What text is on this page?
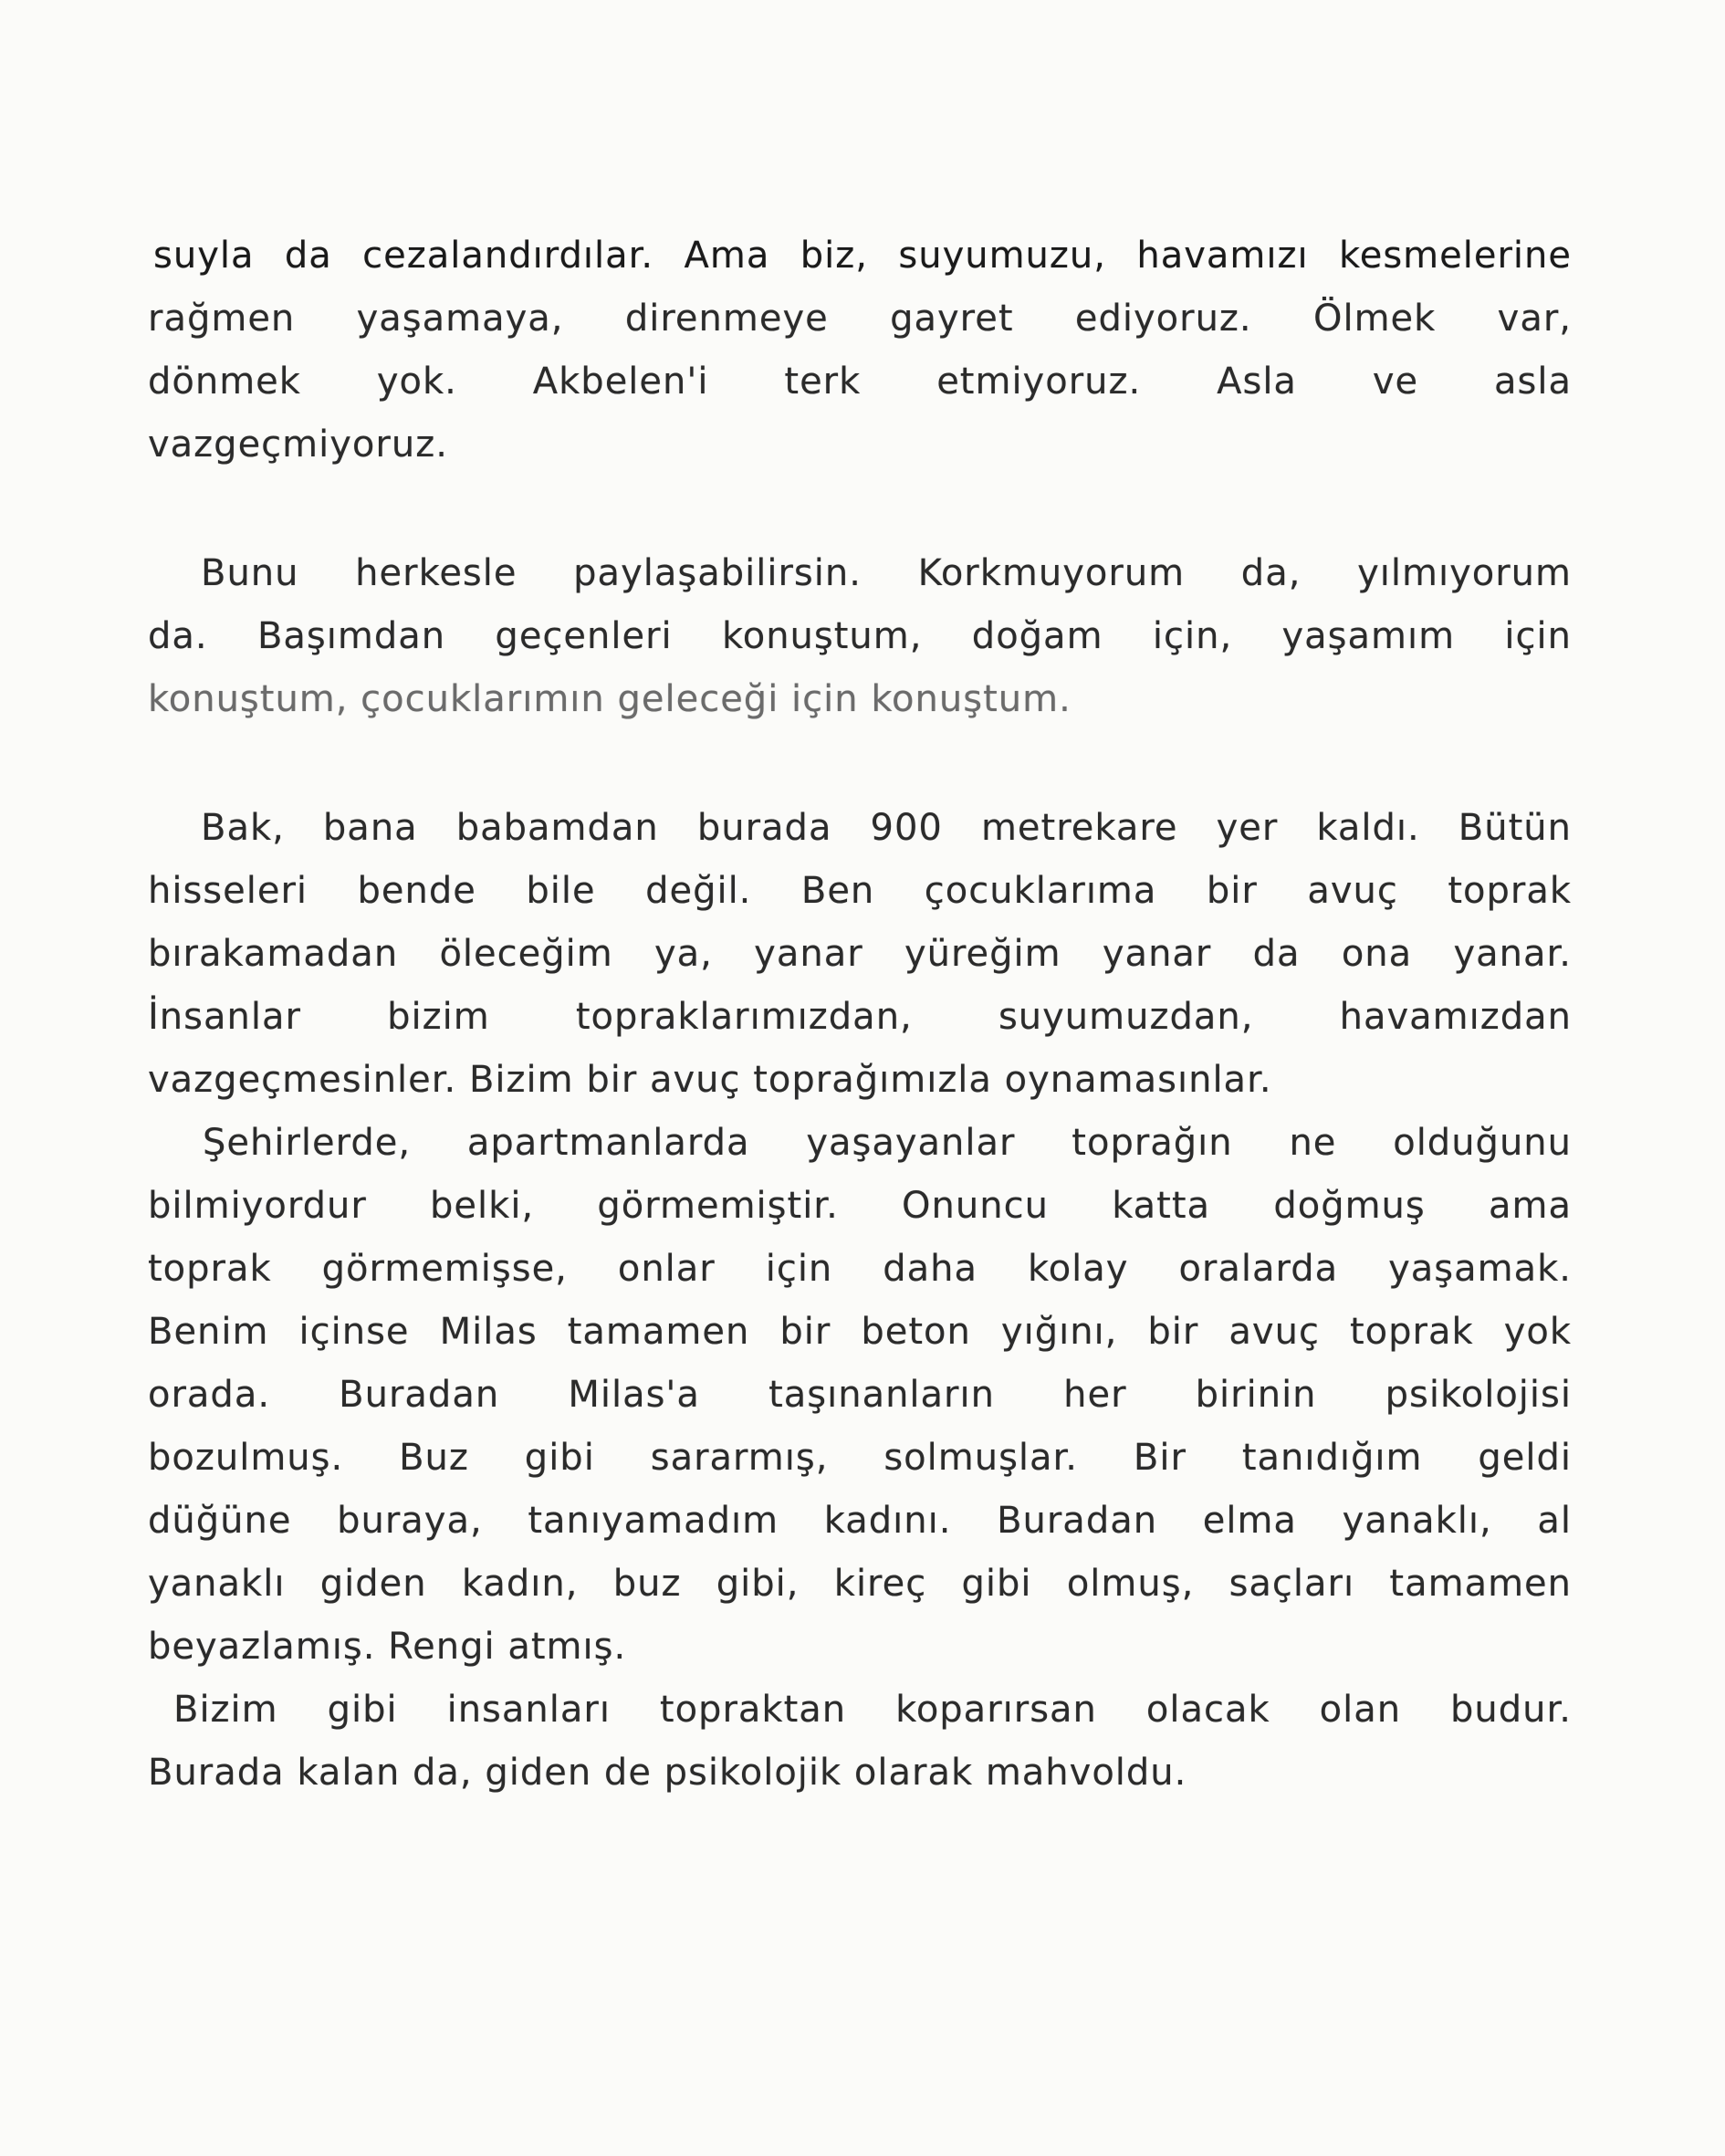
suyla da cezalandırdılar. Ama biz, suyumuzu, havamızı kesmelerine
rağmen yaşamaya, direnmeye gayret ediyoruz. Ölmek var,
dönmek yok. Akbelen'i terk etmiyoruz. Asla ve asla
vazgeçmiyoruz.
Bunu herkesle paylaşabilirsin. Korkmuyorum da, yılmıyorum
da. Başımdan geçenleri konuştum, doğam için, yaşamım için
konuştum, çocuklarımın geleceği için konuştum.
Bak, bana babamdan burada 900 metrekare yer kaldı. Bütün
hisseleri bende bile değil. Ben çocuklarıma bir avuç toprak
bırakamadan öleceğim ya, yanar yüreğim yanar da ona yanar.
İnsanlar bizim topraklarımızdan, suyumuzdan, havamızdan
vazgeçmesinler. Bizim bir avuç toprağımızla oynamasınlar.
Şehirlerde, apartmanlarda yaşayanlar toprağın ne olduğunu
bilmiyordur belki, görmemiştir. Onuncu katta doğmuş ama
toprak görmemişse, onlar için daha kolay oralarda yaşamak.
Benim içinse Milas tamamen bir beton yığını, bir avuç toprak yok
orada. Buradan Milas'a taşınanların her birinin psikolojisi
bozulmuş. Buz gibi sararmış, solmuşlar. Bir tanıdığım geldi
düğüne buraya, tanıyamadım kadını. Buradan elma yanaklı, al
yanaklı giden kadın, buz gibi, kireç gibi olmuş, saçları tamamen
beyazlamış. Rengi atmış.
Bizim gibi insanları topraktan koparırsan olacak olan budur.
Burada kalan da, giden de psikolojik olarak mahvoldu.
